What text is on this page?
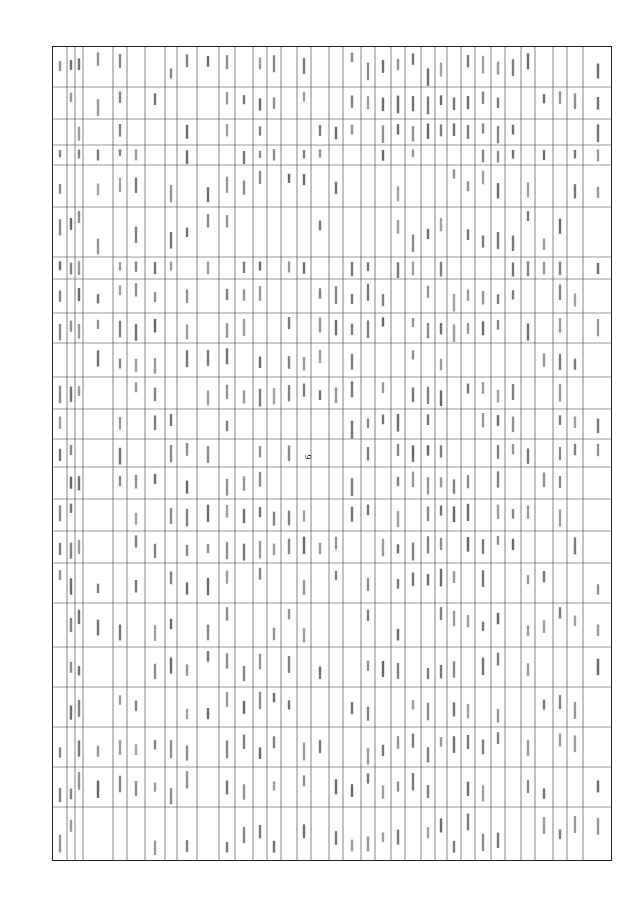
6
